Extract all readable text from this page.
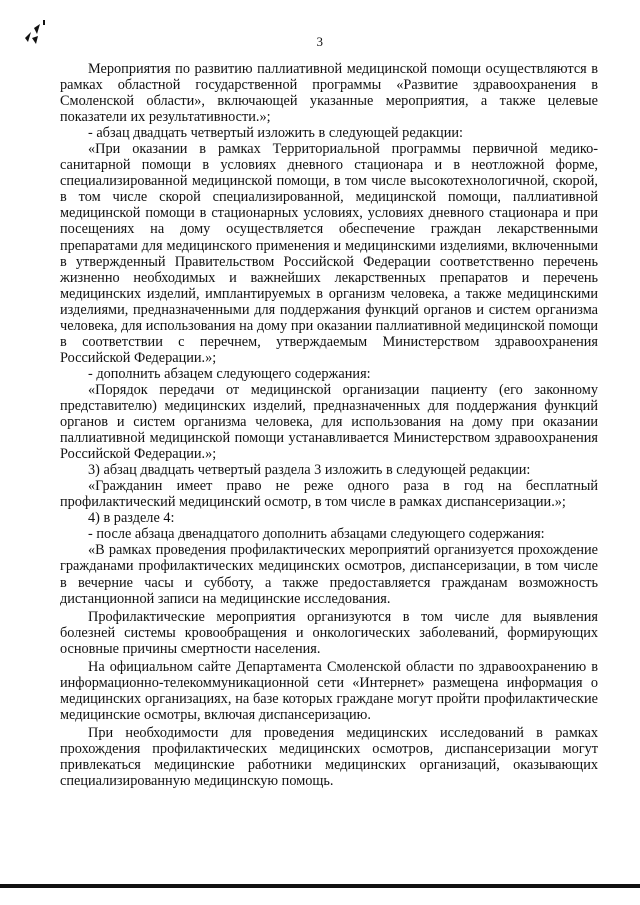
3

Мероприятия по развитию паллиативной медицинской помощи осуществляются в рамках областной государственной программы «Развитие здравоохранения в Смоленской области», включающей указанные мероприятия, а также целевые показатели их результативности.»;

- абзац двадцать четвертый изложить в следующей редакции:

«При оказании в рамках Территориальной программы первичной медико-санитарной помощи в условиях дневного стационара и в неотложной форме, специализированной медицинской помощи, в том числе высокотехнологичной, скорой, в том числе скорой специализированной, медицинской помощи, паллиативной медицинской помощи в стационарных условиях, условиях дневного стационара и при посещениях на дому осуществляется обеспечение граждан лекарственными препаратами для медицинского применения и медицинскими изделиями, включенными в утвержденный Правительством Российской Федерации соответственно перечень жизненно необходимых и важнейших лекарственных препаратов и перечень медицинских изделий, имплантируемых в организм человека, а также медицинскими изделиями, предназначенными для поддержания функций органов и систем организма человека, для использования на дому при оказании паллиативной медицинской помощи в соответствии с перечнем, утверждаемым Министерством здравоохранения Российской Федерации.»;

- дополнить абзацем следующего содержания:

«Порядок передачи от медицинской организации пациенту (его законному представителю) медицинских изделий, предназначенных для поддержания функций органов и систем организма человека, для использования на дому при оказании паллиативной медицинской помощи устанавливается Министерством здравоохранения Российской Федерации.»;

3) абзац двадцать четвертый раздела 3 изложить в следующей редакции:

«Гражданин имеет право не реже одного раза в год на бесплатный профилактический медицинский осмотр, в том числе в рамках диспансеризации.»;

4) в разделе 4:

- после абзаца двенадцатого дополнить абзацами следующего содержания:

«В рамках проведения профилактических мероприятий организуется прохождение гражданами профилактических медицинских осмотров, диспансеризации, в том числе в вечерние часы и субботу, а также предоставляется гражданам возможность дистанционной записи на медицинские исследования.

Профилактические мероприятия организуются в том числе для выявления болезней системы кровообращения и онкологических заболеваний, формирующих основные причины смертности населения.

На официальном сайте Департамента Смоленской области по здравоохранению в информационно-телекоммуникационной сети «Интернет» размещена информация о медицинских организациях, на базе которых граждане могут пройти профилактические медицинские осмотры, включая диспансеризацию.

При необходимости для проведения медицинских исследований в рамках прохождения профилактических медицинских осмотров, диспансеризации могут привлекаться медицинские работники медицинских организаций, оказывающих специализированную медицинскую помощь.
